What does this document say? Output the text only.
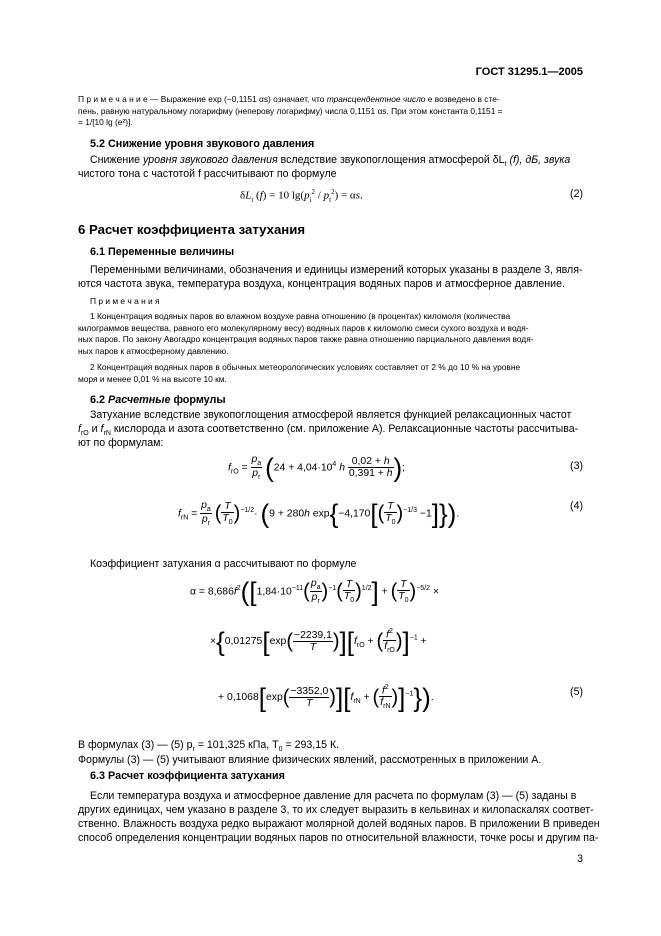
ГОСТ 31295.1—2005
П р и м е ч а н и е — Выражение exp (−0,1151 αs) означает, что трансцендентное число e возведено в сте-
пень, равную натуральному логарифму (неперову логарифму) числа 0,1151 αs. При этом константа 0,1151 =
= 1/[10 lg (e²)].
5.2 Снижение уровня звукового давления
Снижение уровня звукового давления вследствие звукопоглощения атмосферой $\delta L_t$ (f), дБ, звука
чистого тонa с частотой f рассчитывают по формуле
$\delta L_t$ (f) = 10 $\lg(p_i^2 / p_t^2) = \alpha s$.	(2)
6 Расчет коэффициента затухания
6.1 Переменные величины
Переменными величинами, обозначения и единицы измерений которых указаны в разделе 3, явля-
ются частота звука, температура воздуха, концентрация водяных паров и атмосферное давление.
П р и м е ч а н и я
1 Концентрация водяных паров во влажном воздухе равна отношению (в процентах) киломоля (количества
килограммов вещества, равного его молекулярному весу) водяных паров к киломолю смеси сухого воздуха и водя-
ных паров. По закону Авогадро концентрация водяных паров также равна отношению парциального давления водя-
ных паров к атмосферному давлению.
2 Концентрация водяных паров в обычных метеорологических условиях составляет от 2 % до 10 % на уровне
моря и менее 0,01 % на высоте 10 км.
6.2 Расчетные формулы
Затухание вследствие звукопоглощения атмосферой является функцией релаксационных частот
$f_{rO}$ и $f_{rN}$ кислорода и азота соответственно (см. приложение А). Релаксационные частоты рассчитыва-
ют по формулам:
$f_{rO} = \frac{p_a}{p_r} (24 + 4,04\cdot 10^4$ h $\frac{0,02 + h}{0,391 + h}$ );	(3)
$f_{rN} = \frac{p_a}{p_r}$ ( $\frac{T}{T_0} )^{-1/2}\cdot (9 + 280h$ $\exp\{-4,170[( \frac{T}{T_0} )^{-1/3} -1]\}$).
(4)
Коэффициент затухания α рассчитывают по формуле
$\alpha = 8,686f^2([1,84\cdot 10^{-11}( \frac{p_a}{p_r} )^{-1}( \frac{T}{T_0} )^{1/2}]$ + ( $\frac{T}{T_0} )^{-5/2}$ ×
$\times\{0,01275[\exp( \frac{-2239,1}{T} )][f_{rO}$ + ( $\frac{f^2}{f_{rO}} )]^{-1}$ +
+ $0,1068[\exp( \frac{-3352,0}{T} )][f_{rN}$ + ( $\frac{f^2}{f_{rN}} )]^{-1}$}).	(5)
В формулах (3) — (5) $p_r = 101,325$ кПа, $T_0 = 293,15$ К.
Формулы (3) — (5) учитывают влияние физических явлений, рассмотренных в приложении А.
6.3 Расчет коэффициента затухания
Если температура воздуха и атмосферное давление для расчета по формулам (3) — (5) заданы в
других единицах, чем указано в разделе 3, то их следует выразить в кельвинах и килопаскалях соответ-
ственно. Влажность воздуха редко выражают молярной долей водяных паров. В приложении В приведен
способ определения концентрации водяных паров по относительной влажности, точке росы и другим па-
3
